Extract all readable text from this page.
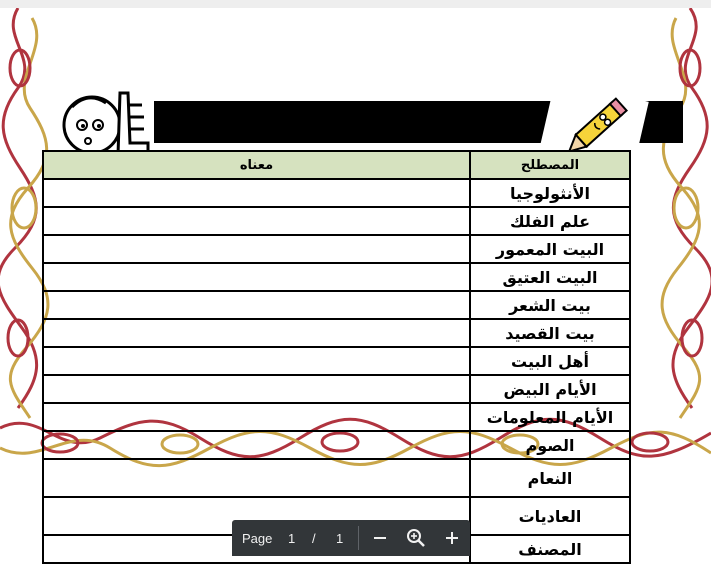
معناه	المصطلح
	الأنثولوجيا
	علم الفلك
	البيت المعمور
	البيت العتيق
	بيت الشعر
	بيت القصيد
	أهل البيت
	الأيام البيض
	الأيام المعلومات
	الصوم
	النعام
	العاديات
	المصنف
Page 1 / 1
